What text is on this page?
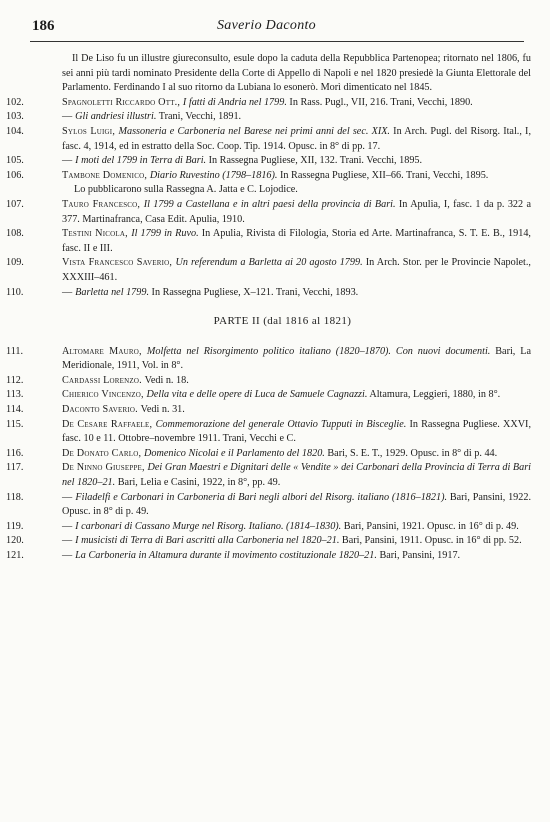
186	Saverio Daconto
Il De Liso fu un illustre giureconsulto, esule dopo la caduta della Repubblica Partenopea; ritornato nel 1806, fu sei anni più tardi nominato Presidente della Corte di Appello di Napoli e nel 1820 presiedè la Giunta Elettorale del Parlamento. Ferdinando I al suo ritorno da Lubiana lo esonerò. Morì dimenticato nel 1845.
102.	Spagnoletti Riccardo Ott., I fatti di Andria nel 1799. In Rass. Pugl., VII, 216. Trani, Vecchi, 1890.
103.	— Gli andriesi illustri. Trani, Vecchi, 1891.
104.	Sylos Luigi, Massoneria e Carboneria nel Barese nei primi anni del sec. XIX. In Arch. Pugl. del Risorg. Ital., I, fasc. 4, 1914, ed in estratto della Soc. Coop. Tip. 1914. Opusc. in 8° di pp. 17.
105.	— I moti del 1799 in Terra di Bari. In Rassegna Pugliese, XII, 132. Trani. Vecchi, 1895.
106.	Tambone Domenico, Diario Ruvestino (1798–1816). In Rassegna Pugliese, XII–66. Trani, Vecchi, 1895.
Lo pubblicarono sulla Rassegna A. Jatta e C. Lojodice.
107.	Tauro Francesco, Il 1799 a Castellana e in altri paesi della provincia di Bari. In Apulia, I, fasc. 1 da p. 322 a 377. Martinafranca, Casa Edit. Apulia, 1910.
108.	Testini Nicola, Il 1799 in Ruvo. In Apulia, Rivista di Filologia, Storia ed Arte. Martinafranca, S. T. E. B., 1914, fasc. II e III.
109.	Vista Francesco Saverio, Un referendum a Barletta ai 20 agosto 1799. In Arch. Stor. per le Provincie Napolet., XXXIII–461.
110.	— Barletta nel 1799. In Rassegna Pugliese, X–121. Trani, Vecchi, 1893.
PARTE II (dal 1816 al 1821)
111.	Altomare Mauro, Molfetta nel Risorgimento politico italiano (1820–1870). Con nuovi documenti. Bari, La Meridionale, 1911, Vol. in 8°.
112.	Cardassi Lorenzo. Vedi n. 18.
113.	Chierico Vincenzo, Della vita e delle opere di Luca de Samuele Cagnazzi. Altamura, Leggieri, 1880, in 8°.
114.	Daconto Saverio. Vedi n. 31.
115.	De Cesare Raffaele, Commemorazione del generale Ottavio Tupputi in Bisceglie. In Rassegna Pugliese. XXVI, fasc. 10 e 11. Ottobre–novembre 1911. Trani, Vecchi e C.
116.	De Donato Carlo, Domenico Nicolai e il Parlamento del 1820. Bari, S. E. T., 1929. Opusc. in 8° di p. 44.
117.	De Ninno Giuseppe, Dei Gran Maestri e Dignitari delle « Vendite » dei Carbonari della Provincia di Terra di Bari nel 1820–21. Bari, Lelia e Casini, 1922, in 8°, pp. 49.
118.	— Filadelfi e Carbonari in Carboneria di Bari negli albori del Risorg. italiano (1816–1821). Bari, Pansini, 1922. Opusc. in 8° di p. 49.
119.	— I carbonari di Cassano Murge nel Risorg. Italiano. (1814–1830). Bari, Pansini, 1921. Opusc. in 16° di p. 49.
120.	— I musicisti di Terra di Bari ascritti alla Carboneria nel 1820–21. Bari, Pansini, 1911. Opusc. in 16° di pp. 52.
121.	— La Carboneria in Altamura durante il movimento costituzionale 1820–21. Bari, Pansini, 1917.
